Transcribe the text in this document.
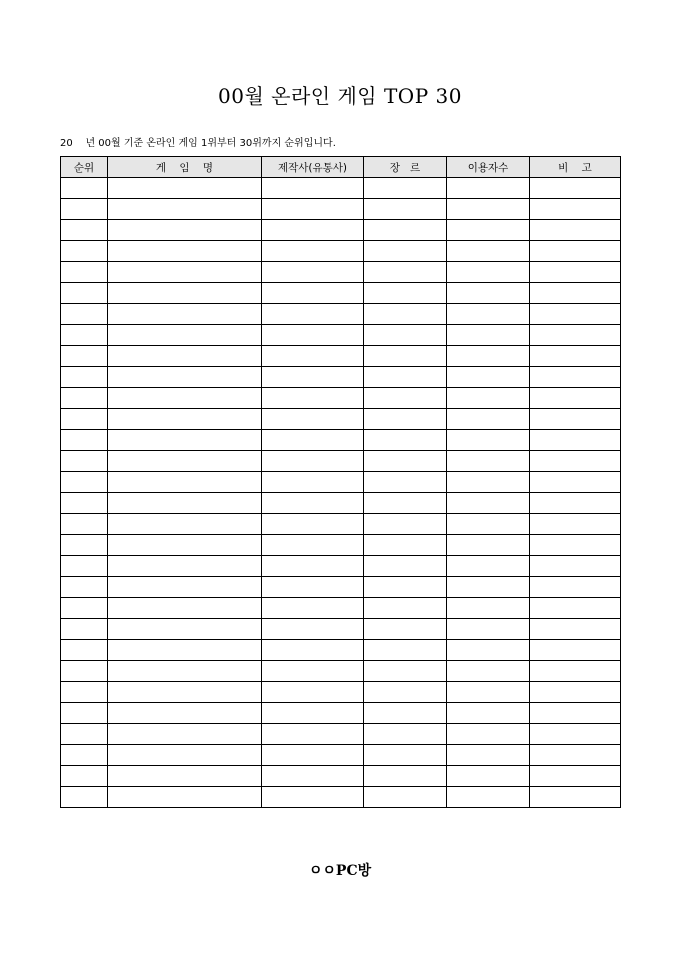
00월 온라인 게임 TOP 30
20    년 00월 기준 온라인 게임 1위부터 30위까지 순위입니다.
순위	게    임    명	제작사(유통사)	장   르	이용자수	비    고

ㅇㅇPC방
